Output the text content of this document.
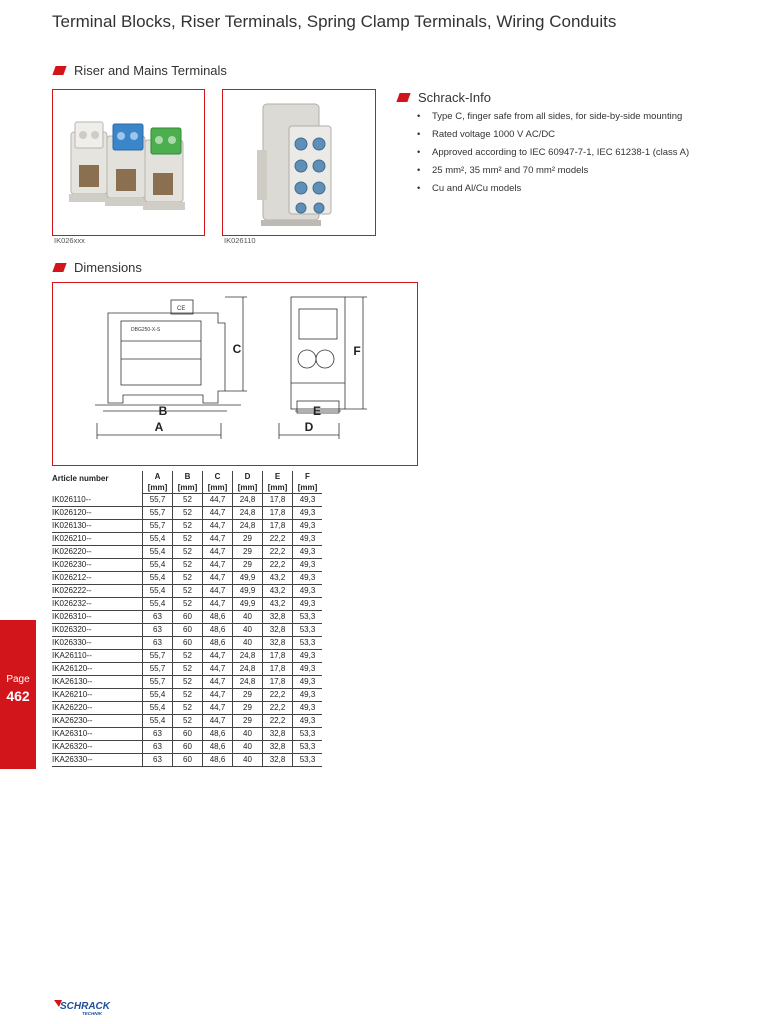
Terminal Blocks, Riser Terminals, Spring Clamp Terminals, Wiring Conduits
Riser and Mains Terminals
IK026xxx	IK026110
Schrack-Info
• Type C, finger safe from all sides, for side-by-side mounting
• Rated voltage 1000 V AC/DC
• Approved according to IEC 60947-7-1, IEC 61238-1 (class A)
• 25 mm², 35 mm² and 70 mm² models
• Cu and Al/Cu models
Dimensions
DBG250-X-S
CE
B
A
C
E
D
F
Article number	A	B	C	D	E	F
	[mm]	[mm]	[mm]	[mm]	[mm]	[mm]
IK026110--	55,7	52	44,7	24,8	17,8	49,3
IK026120--	55,7	52	44,7	24,8	17,8	49,3
IK026130--	55,7	52	44,7	24,8	17,8	49,3
IK026210--	55,4	52	44,7	29	22,2	49,3
IK026220--	55,4	52	44,7	29	22,2	49,3
IK026230--	55,4	52	44,7	29	22,2	49,3
IK026212--	55,4	52	44,7	49,9	43,2	49,3
IK026222--	55,4	52	44,7	49,9	43,2	49,3
IK026232--	55,4	52	44,7	49,9	43,2	49,3
IK026310--	63	60	48,6	40	32,8	53,3
IK026320--	63	60	48,6	40	32,8	53,3
IK026330--	63	60	48,6	40	32,8	53,3
IKA26110--	55,7	52	44,7	24,8	17,8	49,3
IKA26120--	55,7	52	44,7	24,8	17,8	49,3
IKA26130--	55,7	52	44,7	24,8	17,8	49,3
IKA26210--	55,4	52	44,7	29	22,2	49,3
IKA26220--	55,4	52	44,7	29	22,2	49,3
IKA26230--	55,4	52	44,7	29	22,2	49,3
IKA26310--	63	60	48,6	40	32,8	53,3
IKA26320--	63	60	48,6	40	32,8	53,3
IKA26330--	63	60	48,6	40	32,8	53,3
Page
462
SCHRACK
TECHNIK
